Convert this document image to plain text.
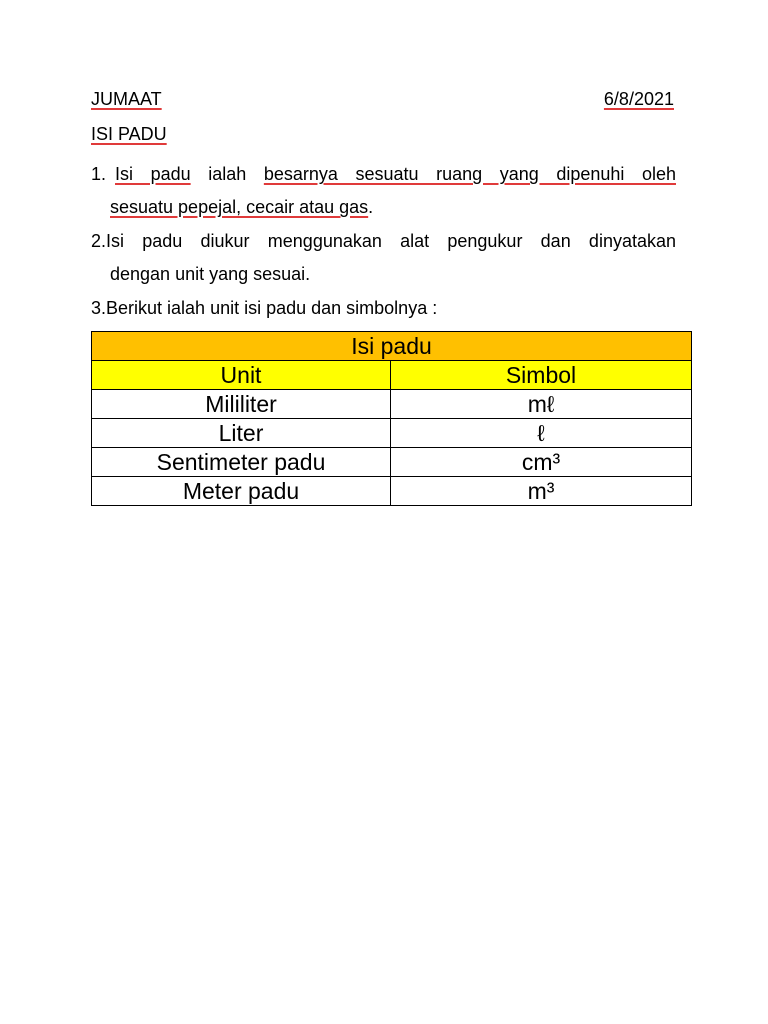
JUMAAT	6/8/2021
ISI PADU
1. Isi padu ialah besarnya sesuatu ruang yang dipenuhi oleh
sesuatu pepejal, cecair atau gas.
2. Isi padu diukur menggunakan alat pengukur dan dinyatakan
dengan unit yang sesuai.
3. Berikut ialah unit isi padu dan simbolnya :
Isi padu	
Unit	Simbol
Mililiter	mℓ
Liter	ℓ
Sentimeter padu	cm³
Meter padu	m³
